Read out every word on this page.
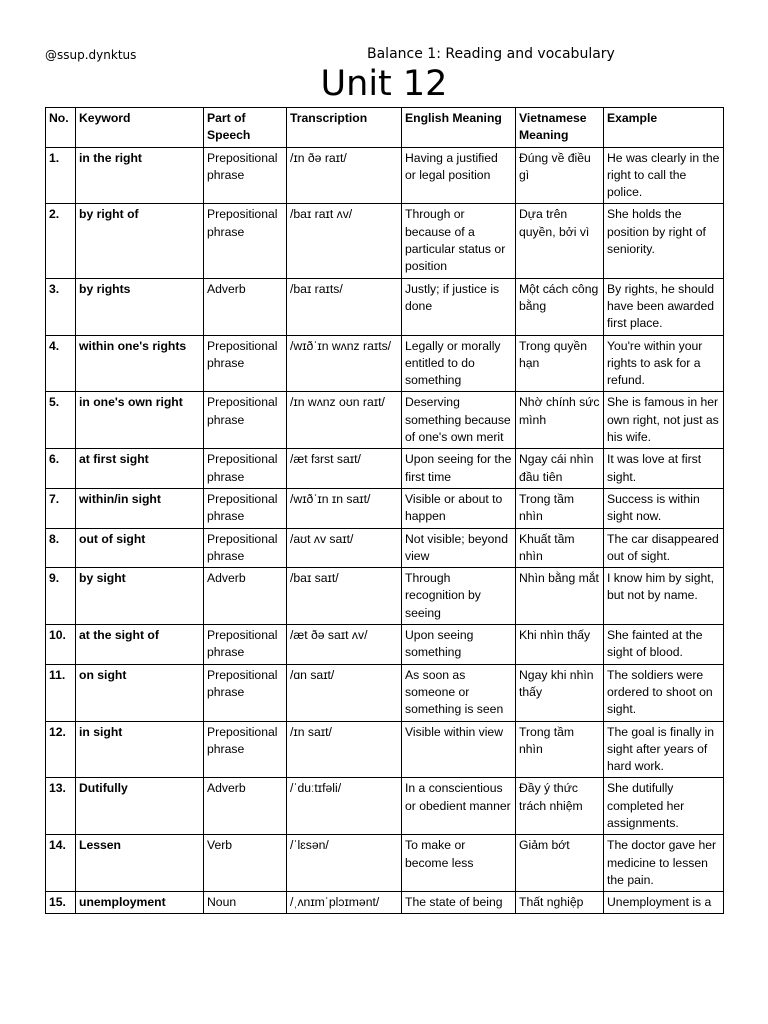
@ssup.dynktus	Balance 1: Reading and vocabulary
Unit 12
No.	Keyword	Part of Speech	Transcription	English Meaning	Vietnamese Meaning	Example
1.	in the right	Prepositional phrase	/ɪn ðə raɪt/	Having a justified or legal position	Đúng về điều gì	He was clearly in the right to call the police.
2.	by right of	Prepositional phrase	/baɪ raɪt ʌv/	Through or because of a particular status or position	Dựa trên quyền, bởi vì	She holds the position by right of seniority.
3.	by rights	Adverb	/baɪ raɪts/	Justly; if justice is done	Một cách công bằng	By rights, he should have been awarded first place.
4.	within one's rights	Prepositional phrase	/wɪðˈɪn wʌnz raɪts/	Legally or morally entitled to do something	Trong quyền hạn	You're within your rights to ask for a refund.
5.	in one's own right	Prepositional phrase	/ɪn wʌnz oʊn raɪt/	Deserving something because of one's own merit	Nhờ chính sức mình	She is famous in her own right, not just as his wife.
6.	at first sight	Prepositional phrase	/æt fɜrst saɪt/	Upon seeing for the first time	Ngay cái nhìn đầu tiên	It was love at first sight.
7.	within/in sight	Prepositional phrase	/wɪðˈɪn ɪn saɪt/	Visible or about to happen	Trong tầm nhìn	Success is within sight now.
8.	out of sight	Prepositional phrase	/aʊt ʌv saɪt/	Not visible; beyond view	Khuất tầm nhìn	The car disappeared out of sight.
9.	by sight	Adverb	/baɪ saɪt/	Through recognition by seeing	Nhìn bằng mắt	I know him by sight, but not by name.
10.	at the sight of	Prepositional phrase	/æt ðə saɪt ʌv/	Upon seeing something	Khi nhìn thấy	She fainted at the sight of blood.
11.	on sight	Prepositional phrase	/ɑn saɪt/	As soon as someone or something is seen	Ngay khi nhìn thấy	The soldiers were ordered to shoot on sight.
12.	in sight	Prepositional phrase	/ɪn saɪt/	Visible within view	Trong tầm nhìn	The goal is finally in sight after years of hard work.
13.	Dutifully	Adverb	/ˈduːtɪfəli/	In a conscientious or obedient manner	Đầy ý thức trách nhiệm	She dutifully completed her assignments.
14.	Lessen	Verb	/ˈlɛsən/	To make or become less	Giảm bớt	The doctor gave her medicine to lessen the pain.
15.	unemployment	Noun	/ˌʌnɪmˈplɔɪmənt/	The state of being	Thất nghiệp	Unemployment is a
